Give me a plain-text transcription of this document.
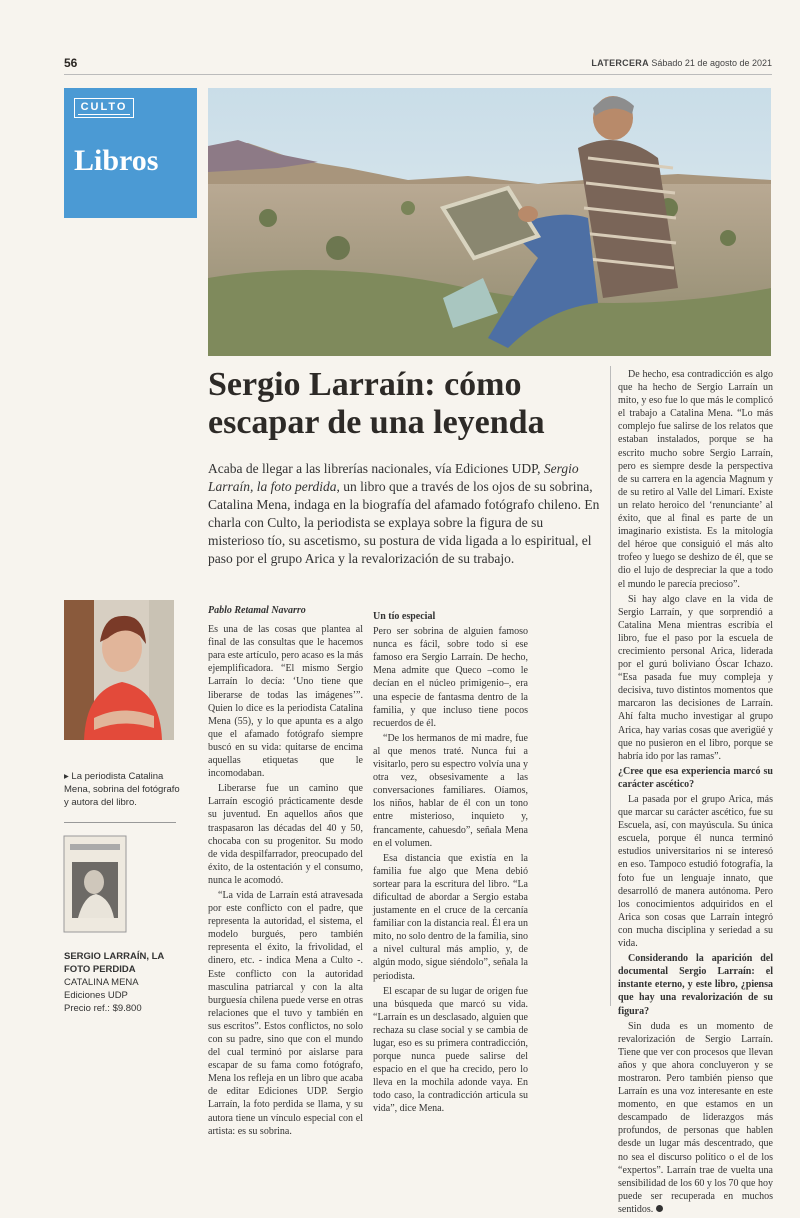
56	LATERCERA Sábado 21 de agosto de 2021
CULTO
Libros
Sergio Larraín: cómo escapar de una leyenda

Acaba de llegar a las librerías nacionales, vía Ediciones UDP, Sergio Larraín, la foto perdida, un libro que a través de los ojos de su sobrina, Catalina Mena, indaga en la biografía del afamado fotógrafo chileno. En charla con Culto, la periodista se explaya sobre la figura de su misterioso tío, su ascetismo, su postura de vida ligada a lo espiritual, el paso por el grupo Arica y la revalorización de su trabajo.

▸ La periodista Catalina Mena, sobrina del fotógrafo y autora del libro.
SERGIO LARRAÍN, LA FOTO PERDIDA
CATALINA MENA
Ediciones UDP
Precio ref.: $9.800

Pablo Retamal Navarro

Es una de las cosas que plantea al final de las consultas que le hacemos para este artículo, pero acaso es la más ejemplificadora. “El mismo Sergio Larraín lo decía: ‘Uno tiene que liberarse de todas las imágenes’”. Quien lo dice es la periodista Catalina Mena (55), y lo que apunta es a algo que el afamado fotógrafo siempre buscó en su vida: quitarse de encima aquellas etiquetas que le incomodaban.

Liberarse fue un camino que Larraín escogió prácticamente desde su juventud. En aquellos años que traspasaron las décadas del 40 y 50, chocaba con su progenitor. Su modo de vida despilfarrador, preocupado del éxito, de la ostentación y el consumo, nunca le acomodó.

“La vida de Larraín está atravesada por este conflicto con el padre, que representa la autoridad, el sistema, el modelo burgués, pero también representa el éxito, la frivolidad, el dinero, etc. - indica Mena a Culto -. Este conflicto con la autoridad masculina patriarcal y con la alta burguesía chilena puede verse en otras relaciones que el tuvo y también en sus escritos”. Estos conflictos, no solo con su padre, sino que con el mundo del cual terminó por aislarse para escapar de su fama como fotógrafo, Mena los refleja en un libro que acaba de editar Ediciones UDP. Sergio Larraín, la foto perdida se llama, y su autora tiene un vínculo especial con el artista: es su sobrina.

Un tío especial

Pero ser sobrina de alguien famoso nunca es fácil, sobre todo si ese famoso era Sergio Larraín. De hecho, Mena admite que Queco –como le decían en el núcleo primigenio–, era una especie de fantasma dentro de la familia, y que incluso tiene pocos recuerdos de él.

“De los hermanos de mi madre, fue al que menos traté. Nunca fui a visitarlo, pero su espectro volvía una y otra vez, obsesivamente a las conversaciones familiares. Oíamos, los niños, hablar de él con un tono entre misterioso, inquieto y, francamente, cahuesdo”, señala Mena en el volumen.

Esa distancia que existía en la familia fue algo que Mena debió sortear para la escritura del libro. “La dificultad de abordar a Sergio estaba justamente en el cruce de la cercanía familiar con la distancia real. Él era un mito, no solo dentro de la familia, sino a nivel cultural más amplio, y, de algún modo, sigue siéndolo”, señala la periodista.

El escapar de su lugar de origen fue una búsqueda que marcó su vida. “Larraín es un desclasado, alguien que rechaza su clase social y se cambia de lugar, eso es su primera contradicción, porque nunca puede salirse del espacio en el que ha crecido, pero lo lleva en la mochila adonde vaya. En todo caso, la contradicción articula su vida”, dice Mena.

De hecho, esa contradicción es algo que ha hecho de Sergio Larraín un mito, y eso fue lo que más le complicó el trabajo a Catalina Mena. “Lo más complejo fue salirse de los relatos que estaban instalados, porque se ha escrito mucho sobre Sergio Larraín, pero es siempre desde la perspectiva de su carrera en la agencia Magnum y de su retiro al Valle del Limarí. Existe un relato heroico del ‘renunciante’ al éxito, que al final es parte de un imaginario existista. Es la mitología del héroe que consiguió el más alto trofeo y luego se deshizo de él, que se dio el lujo de despreciar la que a todo el mundo le parecía precioso”.

Si hay algo clave en la vida de Sergio Larraín, y que sorprendió a Catalina Mena mientras escribía el libro, fue el paso por la escuela de crecimiento personal Arica, liderada por el gurú boliviano Óscar Ichazo. “Esa pasada fue muy compleja y decisiva, tuvo distintos momentos que marcaron las decisiones de Larraín. Ahí falta mucho investigar al grupo Arica, hay varias cosas que averigüé y que no pusieron en el libro, porque se habría ido por las ramas”.

¿Cree que esa experiencia marcó su carácter ascético?

La pasada por el grupo Arica, más que marcar su carácter ascético, fue su Escuela, así, con mayúscula. Su única escuela, porque él nunca terminó estudios universitarios ni se interesó en eso. Tampoco estudió fotografía, la foto fue un lenguaje innato, que desarrolló de manera autónoma. Pero los conocimientos adquiridos en el Arica son cosas que Larraín integró con mucha disciplina y seriedad a su vida.

Considerando la aparición del documental Sergio Larraín: el instante eterno, y este libro, ¿piensa que hay una revalorización de su figura?

Sin duda es un momento de revalorización de Sergio Larraín. Tiene que ver con procesos que llevan años y que ahora concluyeron y se mostraron. Pero también pienso que Larraín es una voz interesante en este momento, en que estamos en un descampado de liderazgos más profundos, de personas que hablen desde un lugar más descentrado, que no sea el discurso político o el de los “expertos”. Larraín trae de vuelta una sensibilidad de los 60 y los 70 que hoy puede ser recuperada en muchos sentidos.
